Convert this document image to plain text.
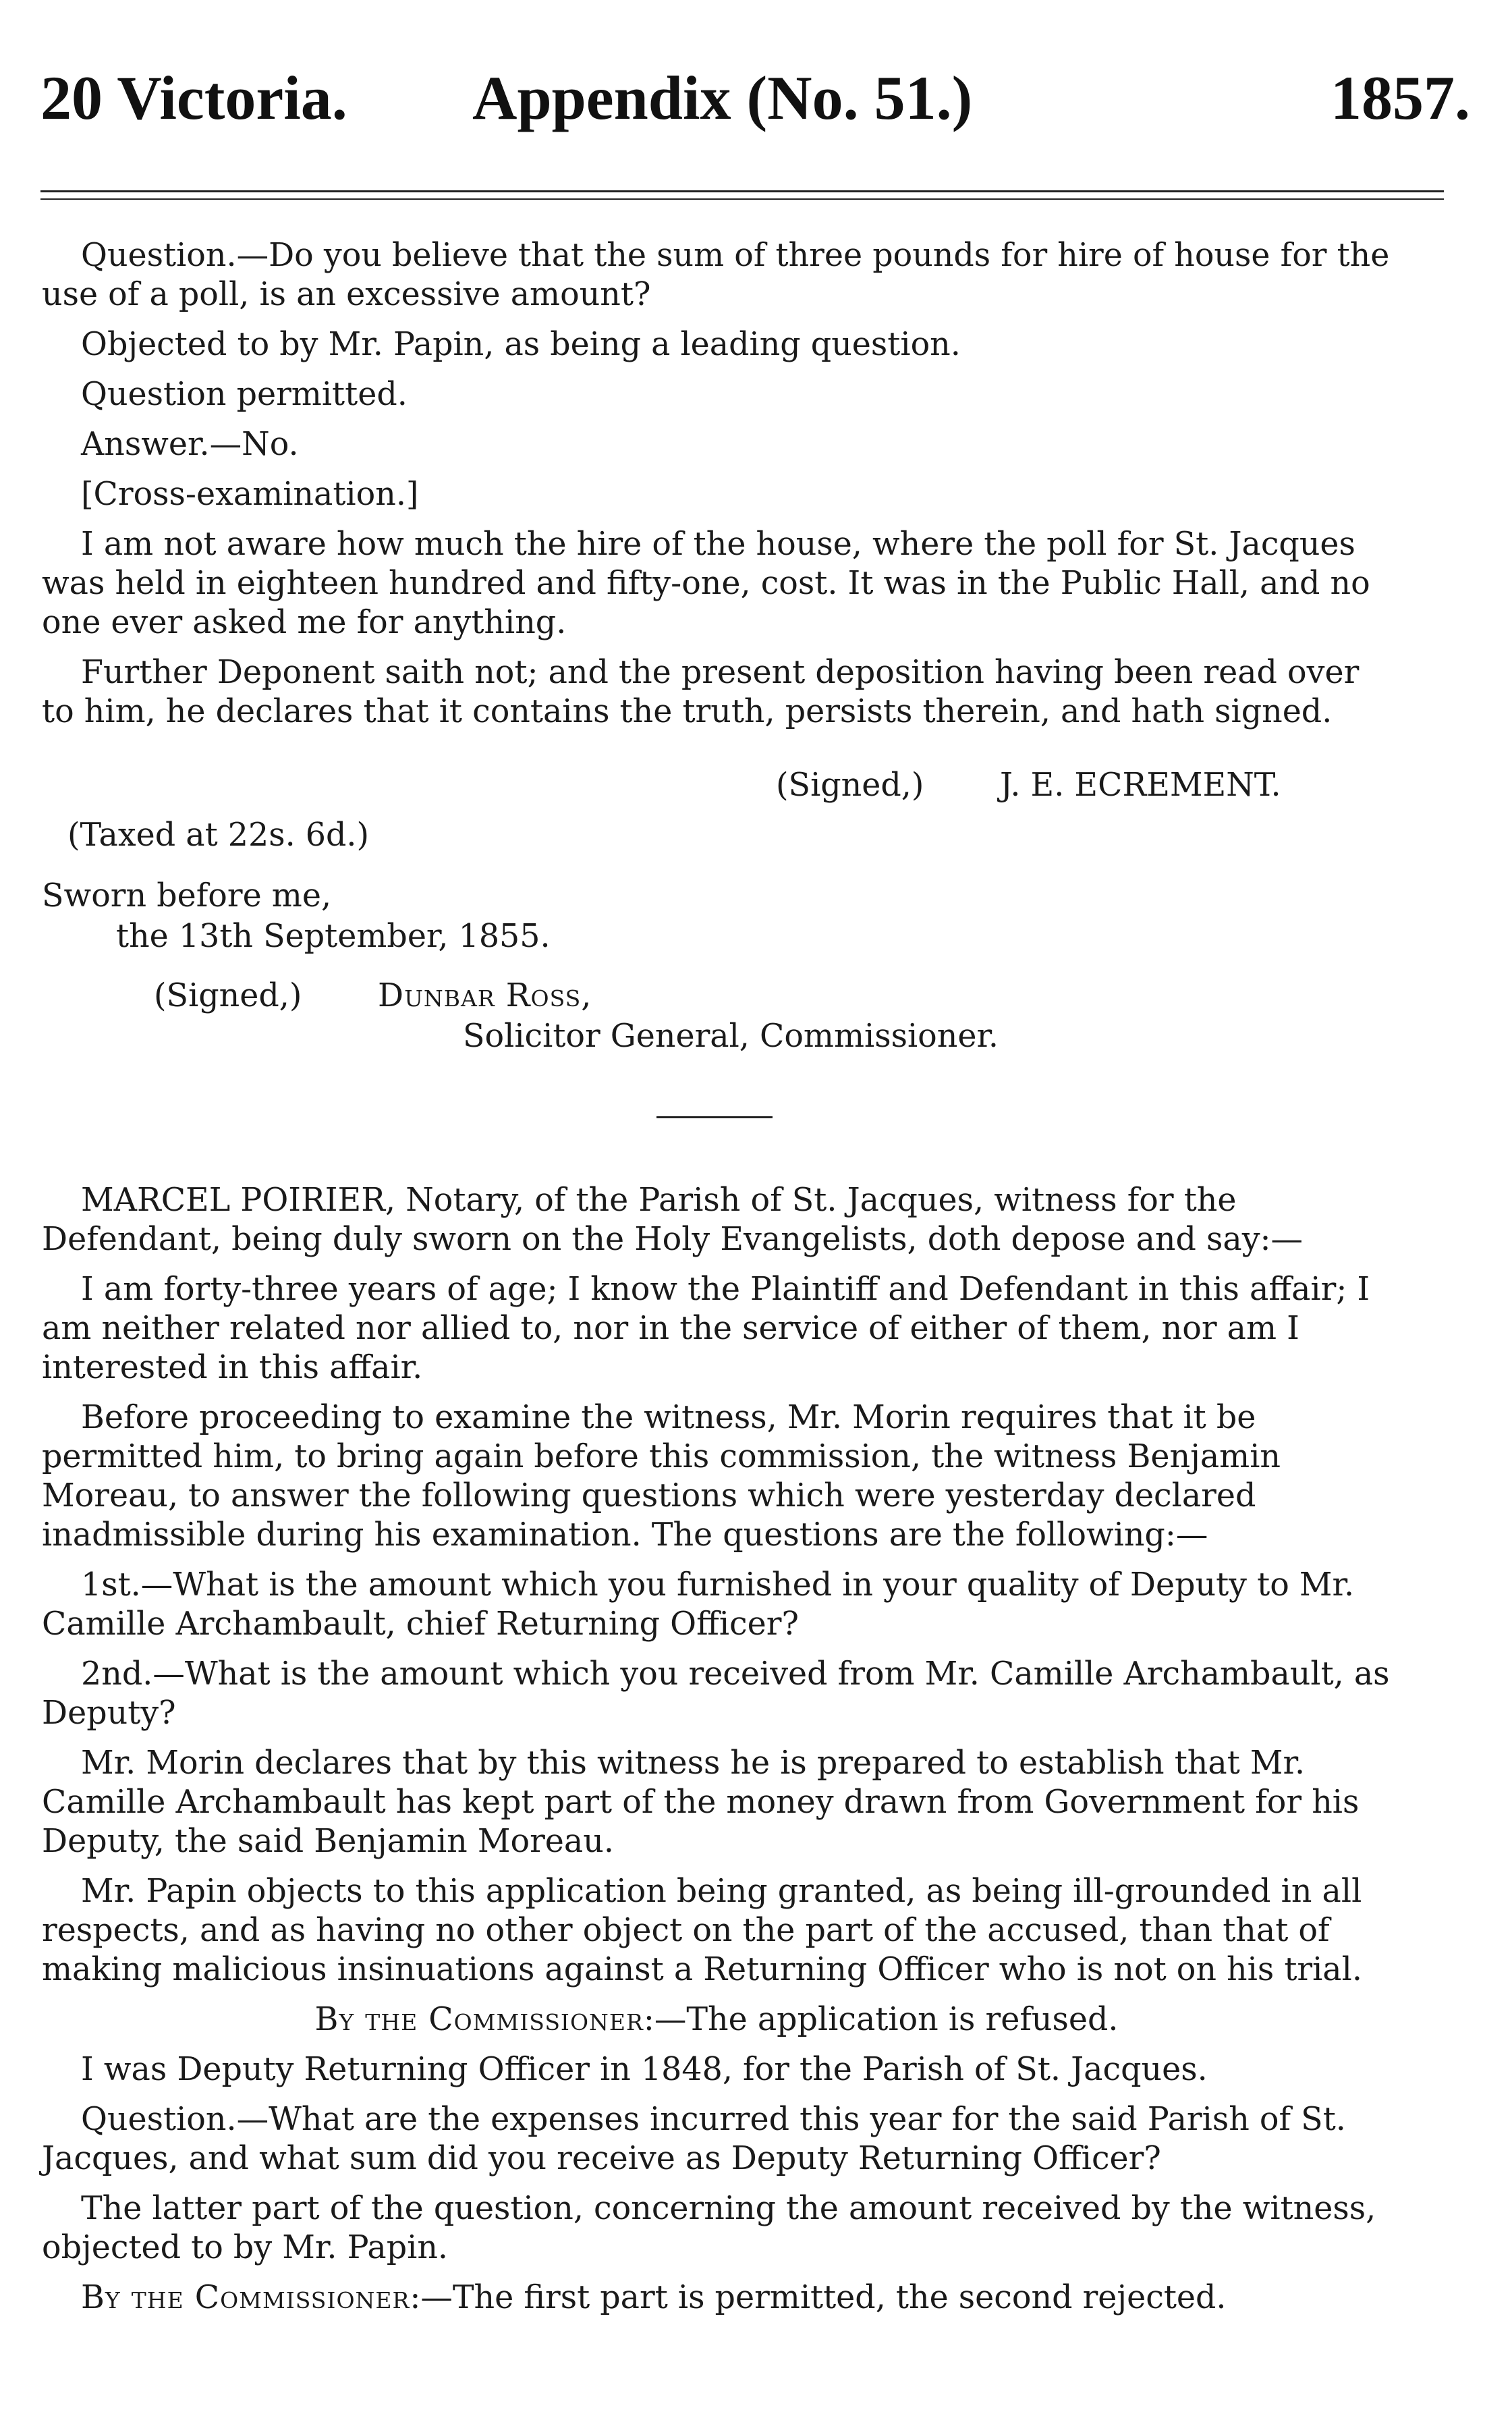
20 Victoria. Appendix (No. 51.)	1857.

Question.—Do you believe that the sum of three pounds for hire of house for the use of a poll, is an excessive amount?

Objected to by Mr. Papin, as being a leading question.

Question permitted.

Answer.—No.

[Cross-examination.]

I am not aware how much the hire of the house, where the poll for St. Jacques was held in eighteen hundred and fifty-one, cost. It was in the Public Hall, and no one ever asked me for anything.

Further Deponent saith not; and the present deposition having been read over to him, he declares that it contains the truth, persists therein, and hath signed.

(Signed,) J. E. ECREMENT.
(Taxed at 22s. 6d.)
Sworn before me,
the 13th September, 1855.
(Signed,) Dunbar Ross,
Solicitor General, Commissioner.

MARCEL POIRIER, Notary, of the Parish of St. Jacques, witness for the Defendant, being duly sworn on the Holy Evangelists, doth depose and say:—

I am forty-three years of age; I know the Plaintiff and Defendant in this affair; I am neither related nor allied to, nor in the service of either of them, nor am I interested in this affair.

Before proceeding to examine the witness, Mr. Morin requires that it be permitted him, to bring again before this commission, the witness Benjamin Moreau, to answer the following questions which were yesterday declared inadmissible during his examination. The questions are the following:—

1st.—What is the amount which you furnished in your quality of Deputy to Mr. Camille Archambault, chief Returning Officer?

2nd.—What is the amount which you received from Mr. Camille Archambault, as Deputy?

Mr. Morin declares that by this witness he is prepared to establish that Mr. Camille Archambault has kept part of the money drawn from Government for his Deputy, the said Benjamin Moreau.

Mr. Papin objects to this application being granted, as being ill-grounded in all respects, and as having no other object on the part of the accused, than that of making malicious insinuations against a Returning Officer who is not on his trial.

By the Commissioner:—The application is refused.

I was Deputy Returning Officer in 1848, for the Parish of St. Jacques.

Question.—What are the expenses incurred this year for the said Parish of St. Jacques, and what sum did you receive as Deputy Returning Officer?

The latter part of the question, concerning the amount received by the witness, objected to by Mr. Papin.

By the Commissioner:—The first part is permitted, the second rejected.
